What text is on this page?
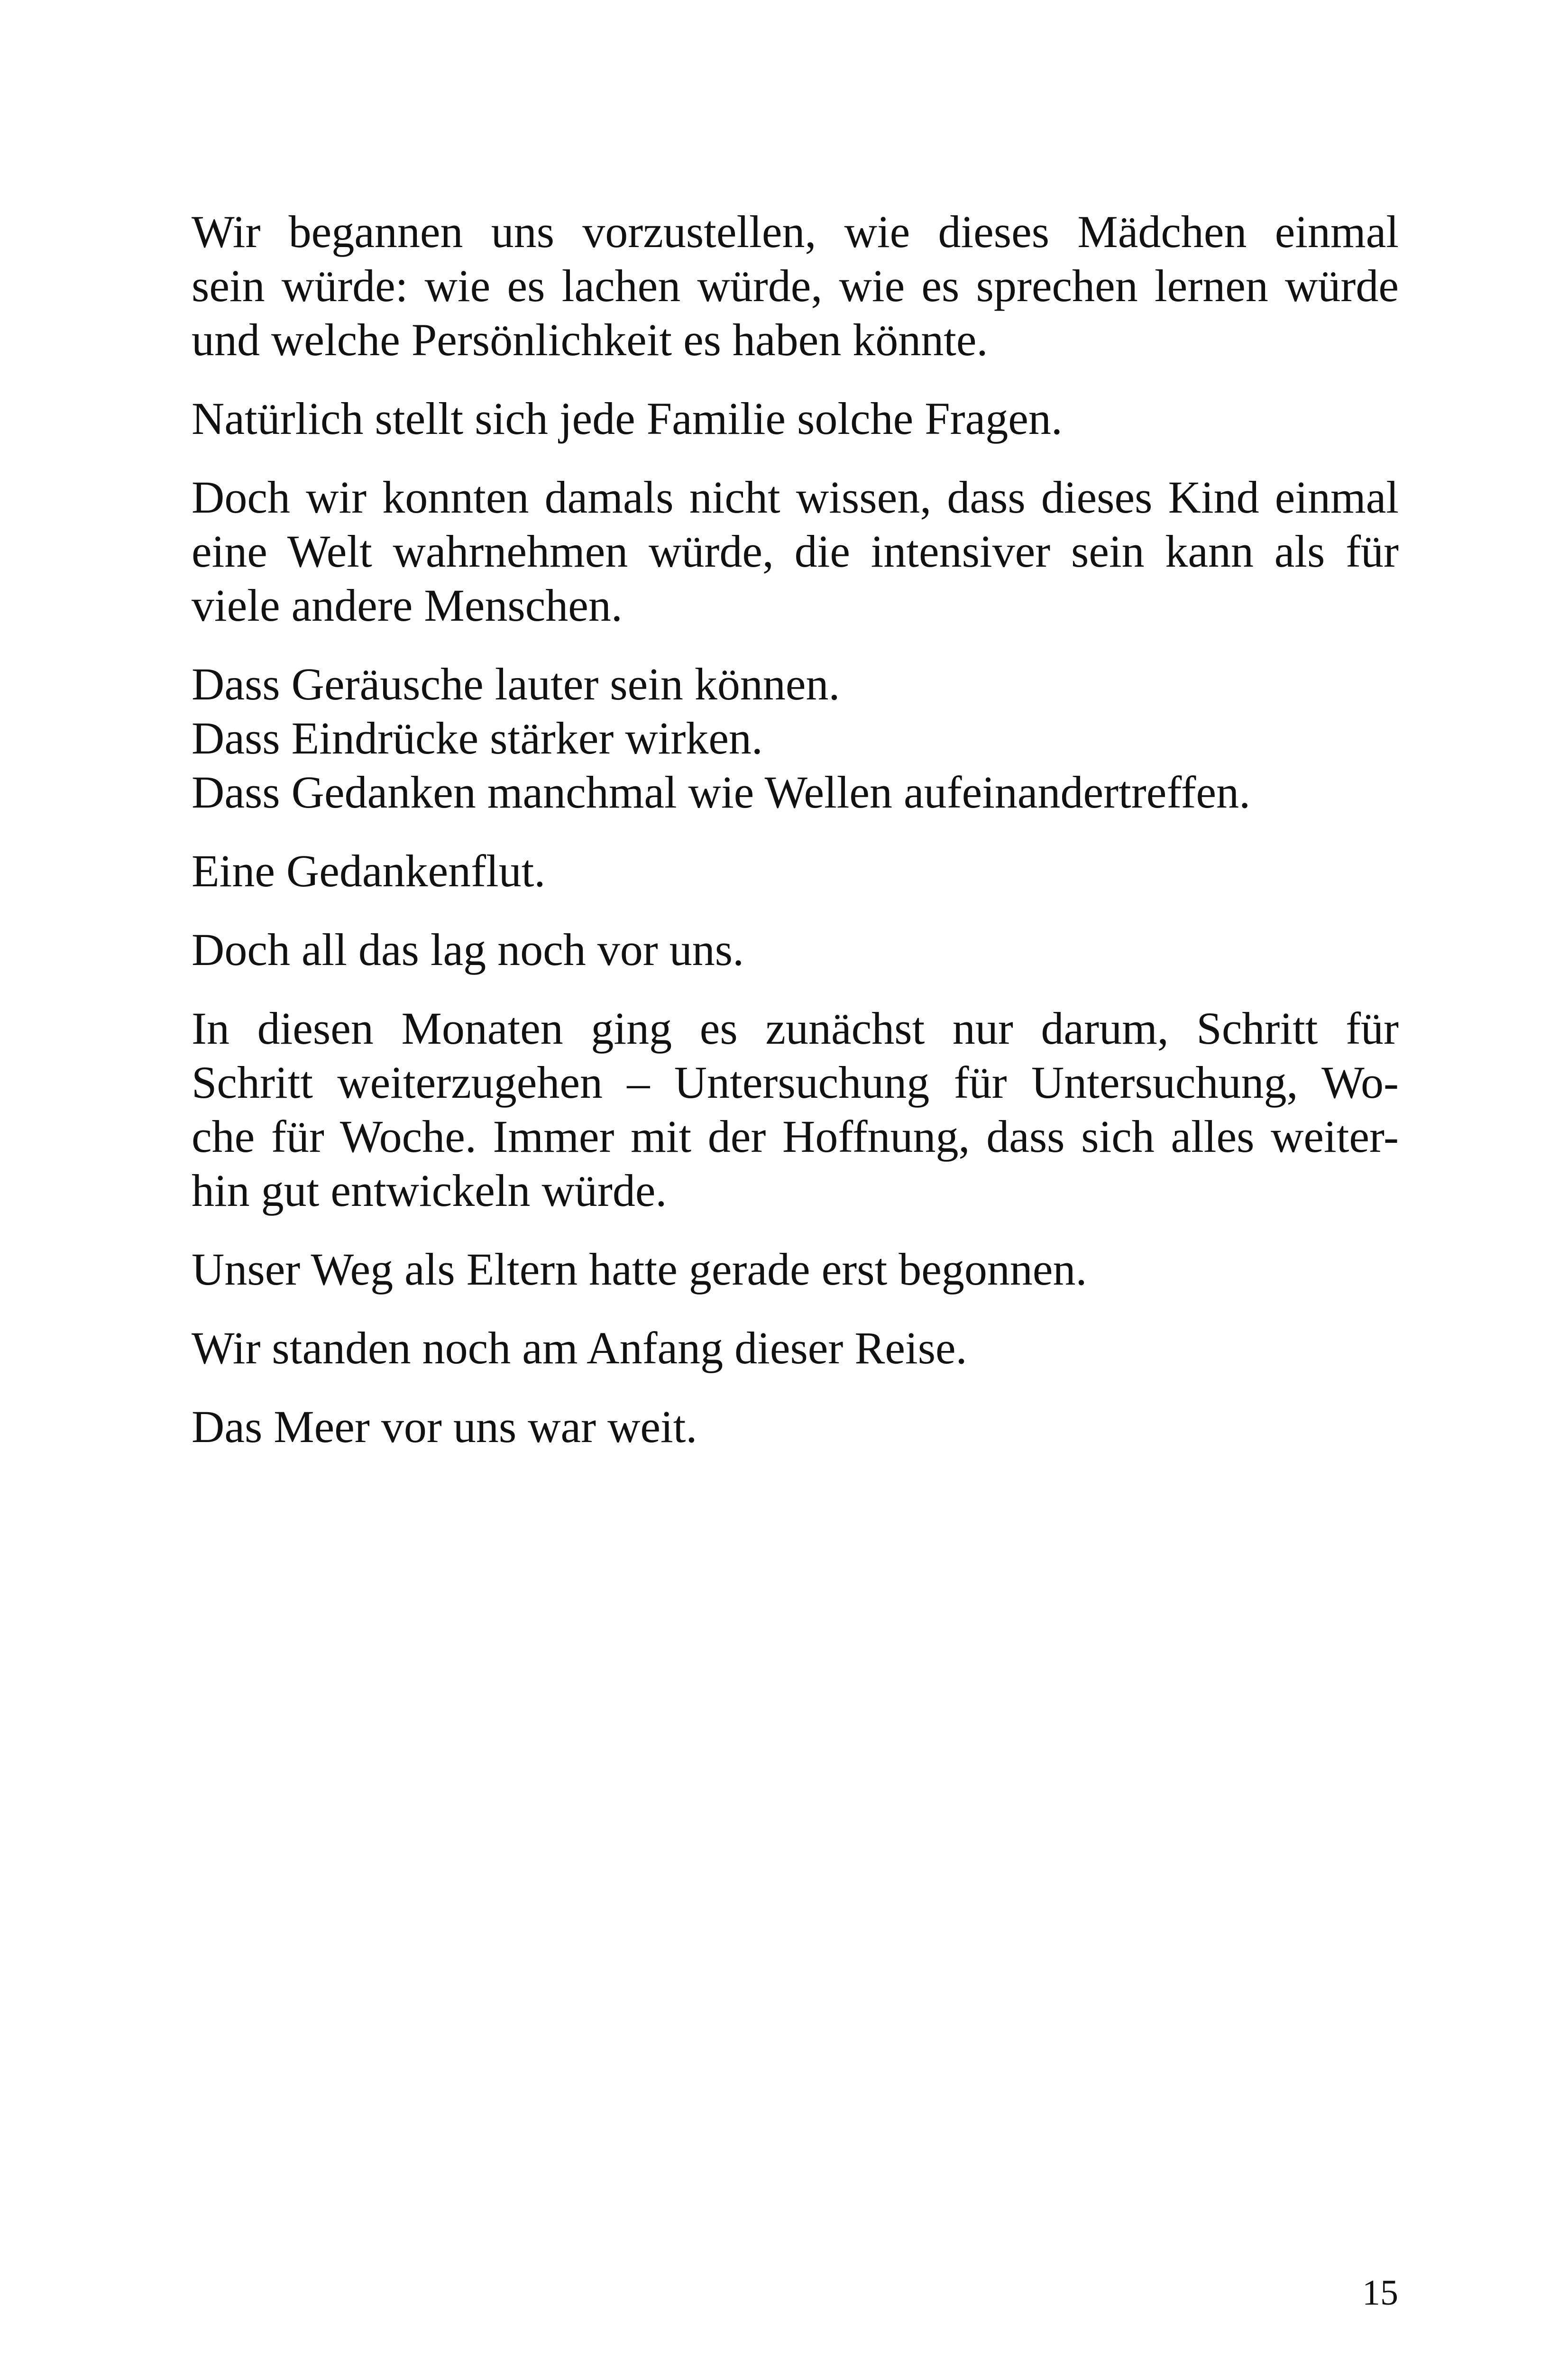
Wir begannen uns vorzustellen, wie dieses Mädchen einmal
sein würde: wie es lachen würde, wie es sprechen lernen würde
und welche Persönlichkeit es haben könnte.

Natürlich stellt sich jede Familie solche Fragen.

Doch wir konnten damals nicht wissen, dass dieses Kind einmal
eine Welt wahrnehmen würde, die intensiver sein kann als für
viele andere Menschen.

Dass Geräusche lauter sein können.
Dass Eindrücke stärker wirken.
Dass Gedanken manchmal wie Wellen aufeinandertreffen.

Eine Gedankenflut.

Doch all das lag noch vor uns.

In diesen Monaten ging es zunächst nur darum, Schritt für
Schritt weiterzugehen – Untersuchung für Untersuchung, Wo-
che für Woche. Immer mit der Hoffnung, dass sich alles weiter-
hin gut entwickeln würde.

Unser Weg als Eltern hatte gerade erst begonnen.

Wir standen noch am Anfang dieser Reise.

Das Meer vor uns war weit.

15
